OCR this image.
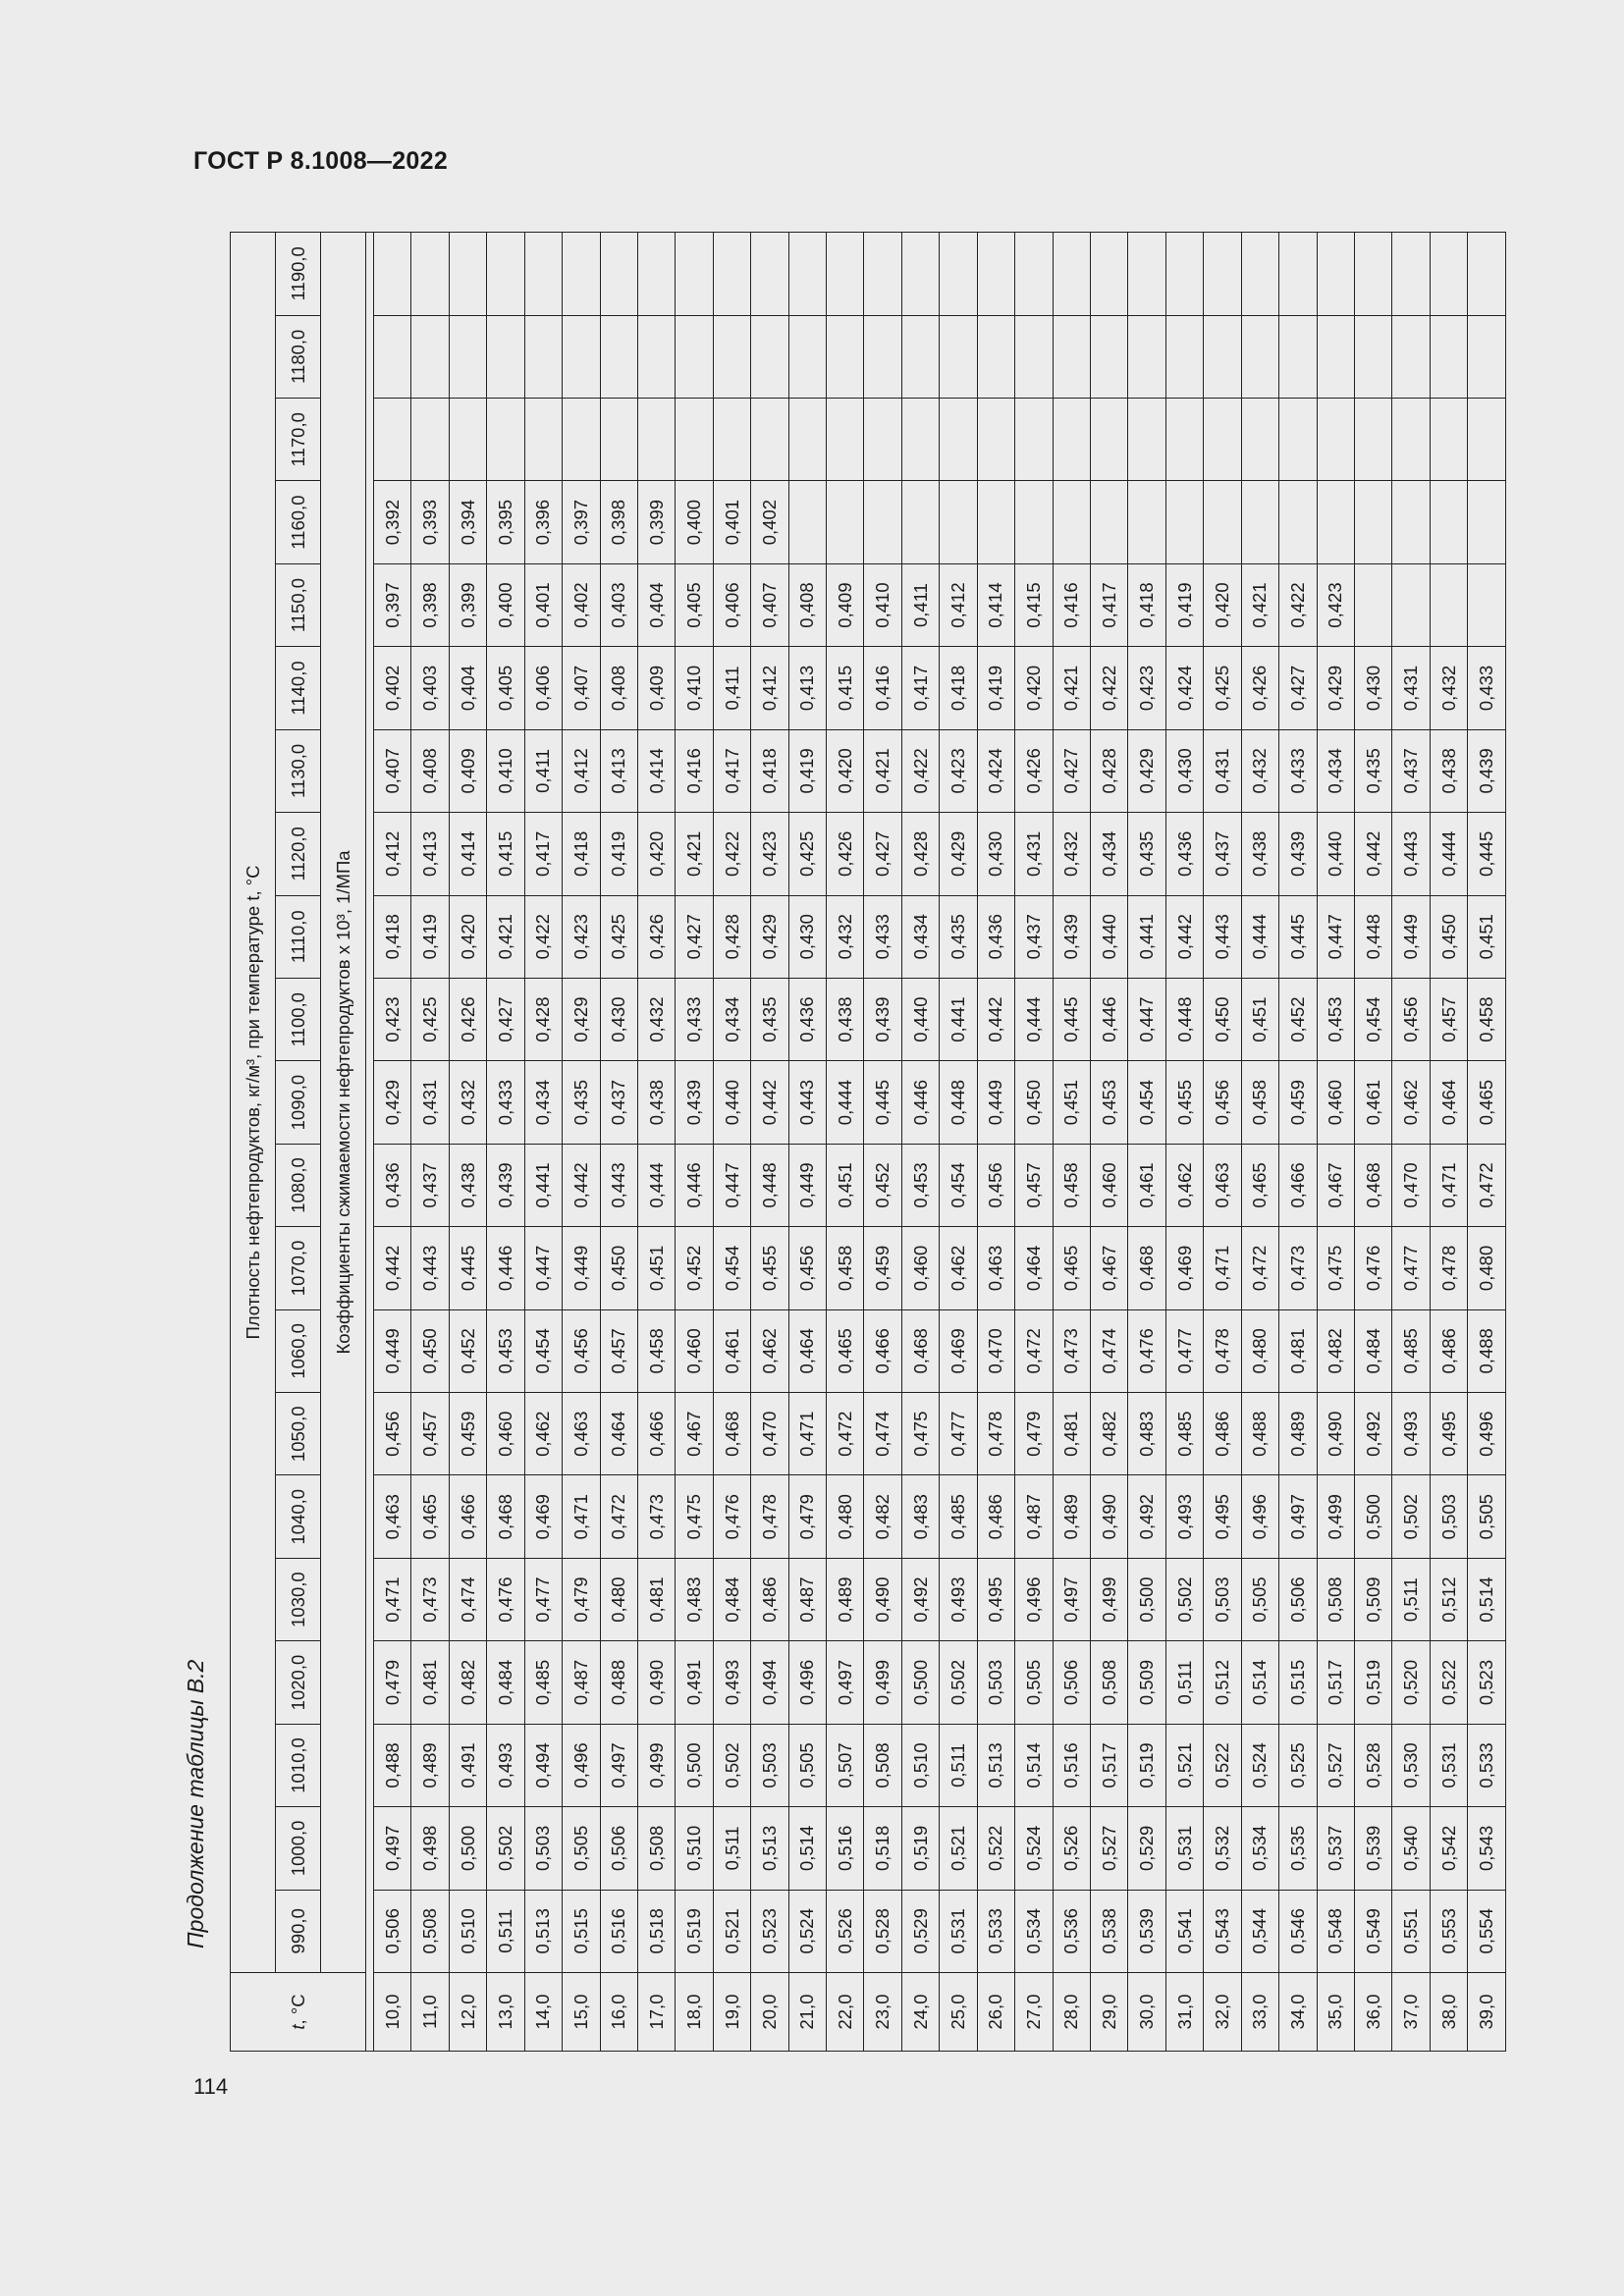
ГОСТ Р 8.1008—2022
Продолжение таблицы В.2
114
t, °C	Плотность нефтепродуктов, кг/м³, при температуре t, °С																				
	990,0	1000,0	1010,0	1020,0	1030,0	1040,0	1050,0	1060,0	1070,0	1080,0	1090,0	1100,0	1110,0	1120,0	1130,0	1140,0	1150,0	1160,0	1170,0	1180,0	1190,0
	Коэффициенты сжимаемости нефтепродуктов x 10³, 1/МПа																				

10,0	0,506	0,497	0,488	0,479	0,471	0,463	0,456	0,449	0,442	0,436	0,429	0,423	0,418	0,412	0,407	0,402	0,397	0,392			
11,0	0,508	0,498	0,489	0,481	0,473	0,465	0,457	0,450	0,443	0,437	0,431	0,425	0,419	0,413	0,408	0,403	0,398	0,393			
12,0	0,510	0,500	0,491	0,482	0,474	0,466	0,459	0,452	0,445	0,438	0,432	0,426	0,420	0,414	0,409	0,404	0,399	0,394			
13,0	0,511	0,502	0,493	0,484	0,476	0,468	0,460	0,453	0,446	0,439	0,433	0,427	0,421	0,415	0,410	0,405	0,400	0,395			
14,0	0,513	0,503	0,494	0,485	0,477	0,469	0,462	0,454	0,447	0,441	0,434	0,428	0,422	0,417	0,411	0,406	0,401	0,396			
15,0	0,515	0,505	0,496	0,487	0,479	0,471	0,463	0,456	0,449	0,442	0,435	0,429	0,423	0,418	0,412	0,407	0,402	0,397			
16,0	0,516	0,506	0,497	0,488	0,480	0,472	0,464	0,457	0,450	0,443	0,437	0,430	0,425	0,419	0,413	0,408	0,403	0,398			
17,0	0,518	0,508	0,499	0,490	0,481	0,473	0,466	0,458	0,451	0,444	0,438	0,432	0,426	0,420	0,414	0,409	0,404	0,399			
18,0	0,519	0,510	0,500	0,491	0,483	0,475	0,467	0,460	0,452	0,446	0,439	0,433	0,427	0,421	0,416	0,410	0,405	0,400			
19,0	0,521	0,511	0,502	0,493	0,484	0,476	0,468	0,461	0,454	0,447	0,440	0,434	0,428	0,422	0,417	0,411	0,406	0,401			
20,0	0,523	0,513	0,503	0,494	0,486	0,478	0,470	0,462	0,455	0,448	0,442	0,435	0,429	0,423	0,418	0,412	0,407	0,402			
21,0	0,524	0,514	0,505	0,496	0,487	0,479	0,471	0,464	0,456	0,449	0,443	0,436	0,430	0,425	0,419	0,413	0,408				
22,0	0,526	0,516	0,507	0,497	0,489	0,480	0,472	0,465	0,458	0,451	0,444	0,438	0,432	0,426	0,420	0,415	0,409				
23,0	0,528	0,518	0,508	0,499	0,490	0,482	0,474	0,466	0,459	0,452	0,445	0,439	0,433	0,427	0,421	0,416	0,410				
24,0	0,529	0,519	0,510	0,500	0,492	0,483	0,475	0,468	0,460	0,453	0,446	0,440	0,434	0,428	0,422	0,417	0,411				
25,0	0,531	0,521	0,511	0,502	0,493	0,485	0,477	0,469	0,462	0,454	0,448	0,441	0,435	0,429	0,423	0,418	0,412				
26,0	0,533	0,522	0,513	0,503	0,495	0,486	0,478	0,470	0,463	0,456	0,449	0,442	0,436	0,430	0,424	0,419	0,414				
27,0	0,534	0,524	0,514	0,505	0,496	0,487	0,479	0,472	0,464	0,457	0,450	0,444	0,437	0,431	0,426	0,420	0,415				
28,0	0,536	0,526	0,516	0,506	0,497	0,489	0,481	0,473	0,465	0,458	0,451	0,445	0,439	0,432	0,427	0,421	0,416				
29,0	0,538	0,527	0,517	0,508	0,499	0,490	0,482	0,474	0,467	0,460	0,453	0,446	0,440	0,434	0,428	0,422	0,417				
30,0	0,539	0,529	0,519	0,509	0,500	0,492	0,483	0,476	0,468	0,461	0,454	0,447	0,441	0,435	0,429	0,423	0,418				
31,0	0,541	0,531	0,521	0,511	0,502	0,493	0,485	0,477	0,469	0,462	0,455	0,448	0,442	0,436	0,430	0,424	0,419				
32,0	0,543	0,532	0,522	0,512	0,503	0,495	0,486	0,478	0,471	0,463	0,456	0,450	0,443	0,437	0,431	0,425	0,420				
33,0	0,544	0,534	0,524	0,514	0,505	0,496	0,488	0,480	0,472	0,465	0,458	0,451	0,444	0,438	0,432	0,426	0,421				
34,0	0,546	0,535	0,525	0,515	0,506	0,497	0,489	0,481	0,473	0,466	0,459	0,452	0,445	0,439	0,433	0,427	0,422				
35,0	0,548	0,537	0,527	0,517	0,508	0,499	0,490	0,482	0,475	0,467	0,460	0,453	0,447	0,440	0,434	0,429	0,423				
36,0	0,549	0,539	0,528	0,519	0,509	0,500	0,492	0,484	0,476	0,468	0,461	0,454	0,448	0,442	0,435	0,430					
37,0	0,551	0,540	0,530	0,520	0,511	0,502	0,493	0,485	0,477	0,470	0,462	0,456	0,449	0,443	0,437	0,431					
38,0	0,553	0,542	0,531	0,522	0,512	0,503	0,495	0,486	0,478	0,471	0,464	0,457	0,450	0,444	0,438	0,432					
39,0	0,554	0,543	0,533	0,523	0,514	0,505	0,496	0,488	0,480	0,472	0,465	0,458	0,451	0,445	0,439	0,433					
